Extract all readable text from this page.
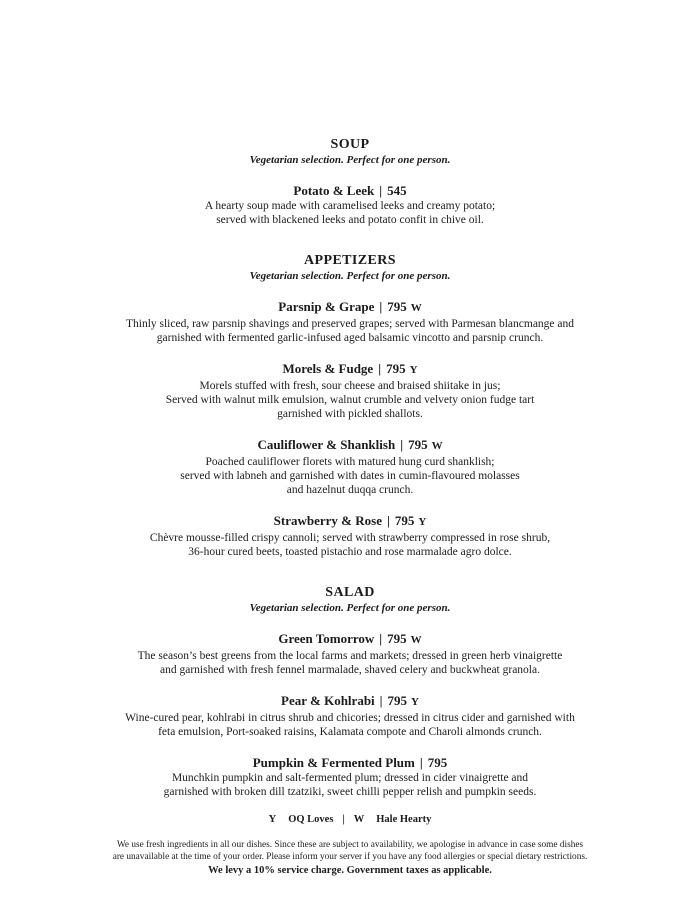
SOUP

Vegetarian selection. Perfect for one person.

Potato & Leek | 545
A hearty soup made with caramelised leeks and creamy potato;
served with blackened leeks and potato confit in chive oil.
APPETIZERS

Vegetarian selection. Perfect for one person.

Parsnip & Grape | 795 W
Thinly sliced, raw parsnip shavings and preserved grapes; served with Parmesan blancmange and
garnished with fermented garlic-infused aged balsamic vincotto and parsnip crunch.
Morels & Fudge | 795 Y
Morels stuffed with fresh, sour cheese and braised shiitake in jus;
Served with walnut milk emulsion, walnut crumble and velvety onion fudge tart
garnished with pickled shallots.
Cauliflower & Shanklish | 795 W
Poached cauliflower florets with matured hung curd shanklish;
served with labneh and garnished with dates in cumin-flavoured molasses
and hazelnut duqqa crunch.
Strawberry & Rose | 795 Y
Chèvre mousse-filled crispy cannoli; served with strawberry compressed in rose shrub,
36-hour cured beets, toasted pistachio and rose marmalade agro dolce.
SALAD

Vegetarian selection. Perfect for one person.

Green Tomorrow | 795 W
The season’s best greens from the local farms and markets; dressed in green herb vinaigrette
and garnished with fresh fennel marmalade, shaved celery and buckwheat granola.
Pear & Kohlrabi | 795 Y
Wine-cured pear, kohlrabi in citrus shrub and chicories; dressed in citrus cider and garnished with
feta emulsion, Port-soaked raisins, Kalamata compote and Charoli almonds crunch.
Pumpkin & Fermented Plum | 795
Munchkin pumpkin and salt-fermented plum; dressed in cider vinaigrette and
garnished with broken dill tzatziki, sweet chilli pepper relish and pumpkin seeds.
Y OQ Loves | W Hale Hearty
We use fresh ingredients in all our dishes. Since these are subject to availability, we apologise in advance in case some dishes
are unavailable at the time of your order. Please inform your server if you have any food allergies or special dietary restrictions.
We levy a 10% service charge. Government taxes as applicable.
